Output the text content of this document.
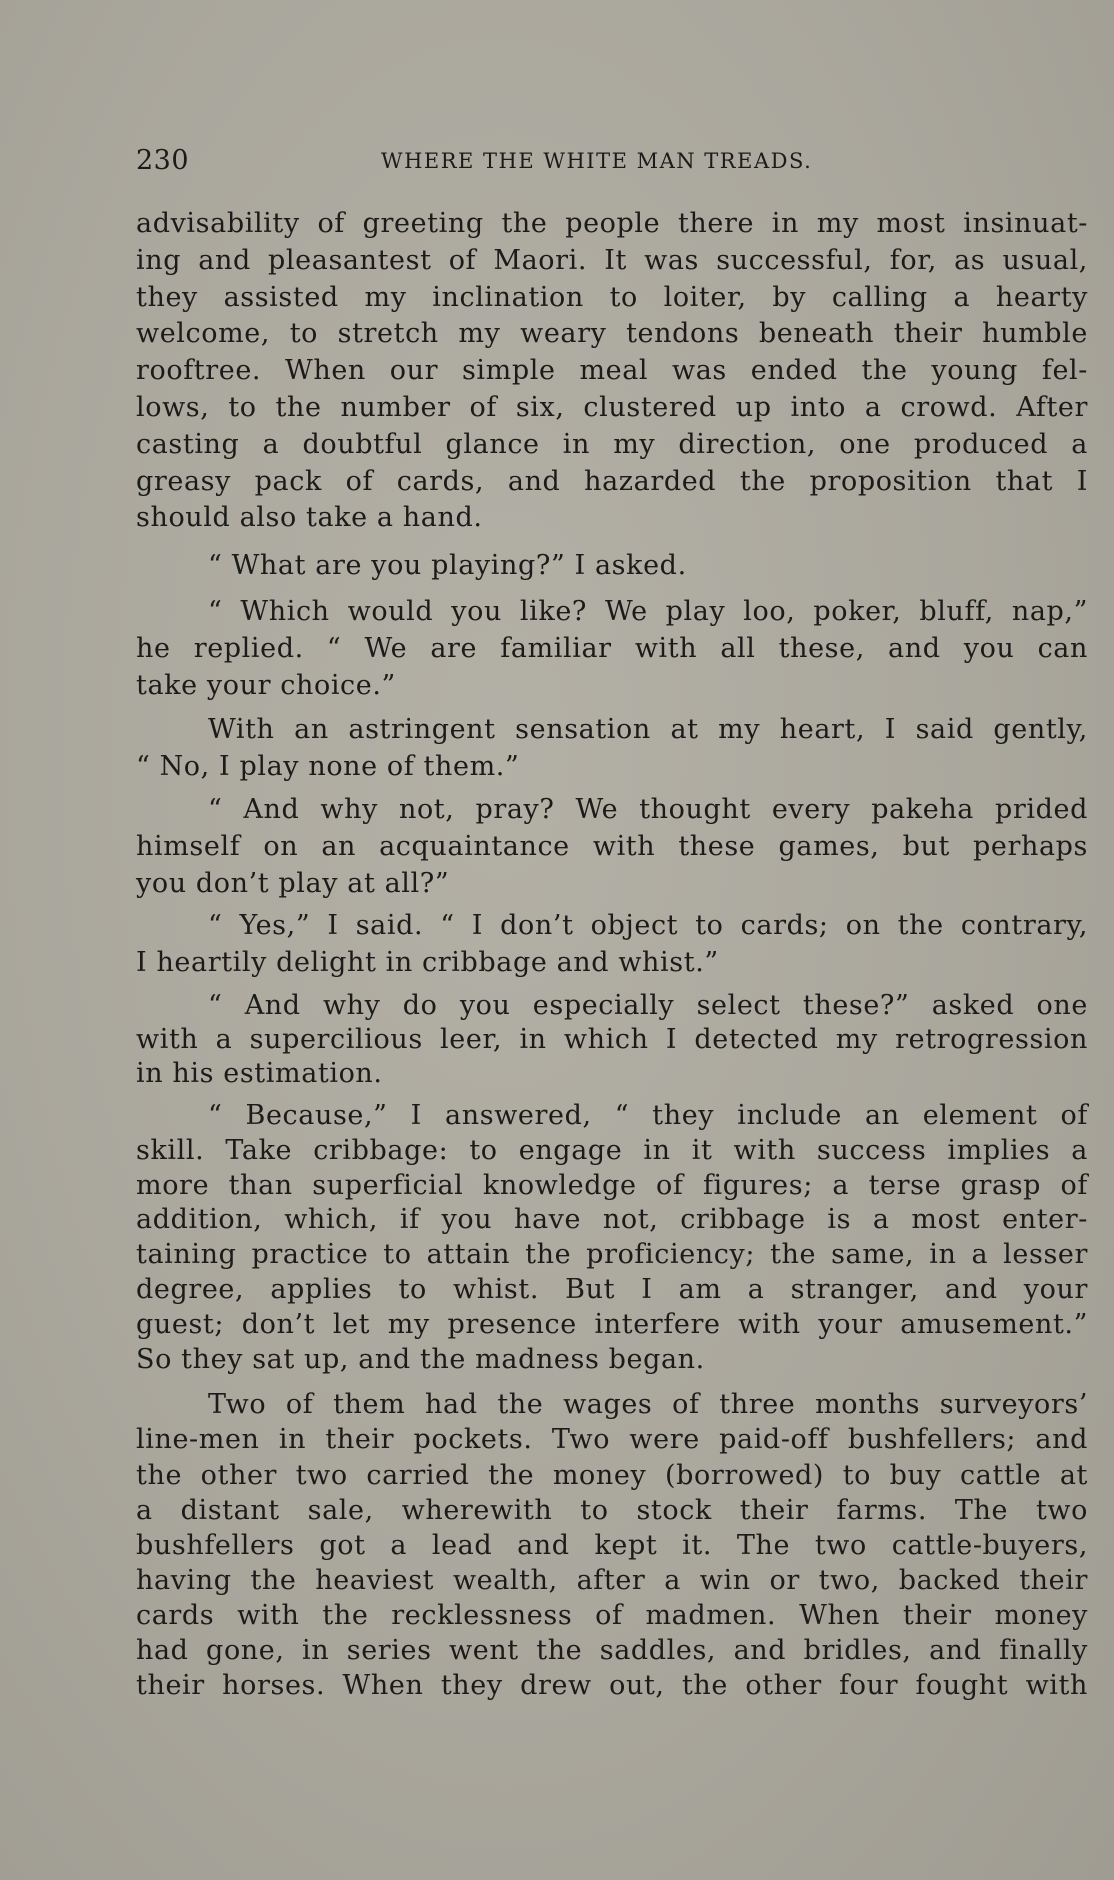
230	WHERE THE WHITE MAN TREADS.
advisability of greeting the people there in my most insinuat-
ing and pleasantest of Maori. It was successful, for, as usual,
they assisted my inclination to loiter, by calling a hearty
welcome, to stretch my weary tendons beneath their humble
rooftree. When our simple meal was ended the young fel-
lows, to the number of six, clustered up into a crowd. After
casting a doubtful glance in my direction, one produced a
greasy pack of cards, and hazarded the proposition that I
should also take a hand.
“ What are you playing?” I asked.
“ Which would you like? We play loo, poker, bluff, nap,”
he replied. “ We are familiar with all these, and you can
take your choice.”
With an astringent sensation at my heart, I said gently,
“ No, I play none of them.”
“ And why not, pray? We thought every pakeha prided
himself on an acquaintance with these games, but perhaps
you don’t play at all?”
“ Yes,” I said. “ I don’t object to cards; on the contrary,
I heartily delight in cribbage and whist.”
“ And why do you especially select these?” asked one
with a supercilious leer, in which I detected my retrogression
in his estimation.
“ Because,” I answered, “ they include an element of
skill. Take cribbage: to engage in it with success implies a
more than superficial knowledge of figures; a terse grasp of
addition, which, if you have not, cribbage is a most enter-
taining practice to attain the proficiency; the same, in a lesser
degree, applies to whist. But I am a stranger, and your
guest; don’t let my presence interfere with your amusement.”
So they sat up, and the madness began.
Two of them had the wages of three months surveyors’
line-men in their pockets. Two were paid-off bushfellers; and
the other two carried the money (borrowed) to buy cattle at
a distant sale, wherewith to stock their farms. The two
bushfellers got a lead and kept it. The two cattle-buyers,
having the heaviest wealth, after a win or two, backed their
cards with the recklessness of madmen. When their money
had gone, in series went the saddles, and bridles, and finally
their horses. When they drew out, the other four fought with
